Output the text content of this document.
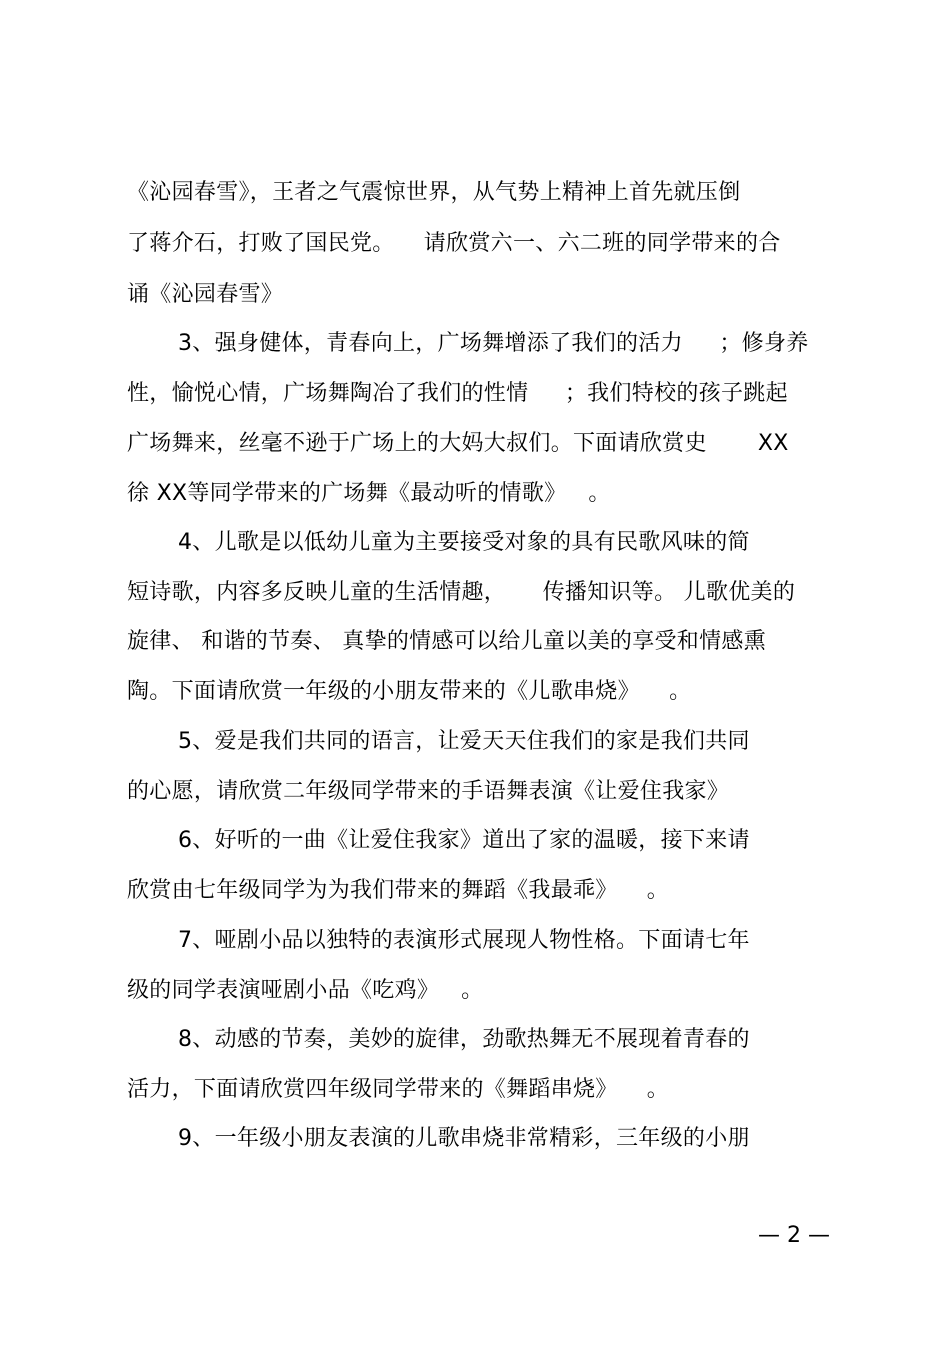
《沁园春雪》，王者之气震惊世界，从气势上精神上首先就压倒
了蒋介石，打败了国民党。    请欣赏六一、六二班的同学带来的合
诵《沁园春雪》
3、强身健体，青春向上，广场舞增添了我们的活力     ；修身养
性，愉悦心情，广场舞陶冶了我们的性情     ；我们特校的孩子跳起
广场舞来，丝毫不逊于广场上的大妈大叔们。下面请欣赏史       XX
徐 XX等同学带来的广场舞《最动听的情歌》   。
4、儿歌是以低幼儿童为主要接受对象的具有民歌风味的简
短诗歌，内容多反映儿童的生活情趣，     传播知识等。 儿歌优美的
旋律、 和谐的节奏、 真挚的情感可以给儿童以美的享受和情感熏
陶。下面请欣赏一年级的小朋友带来的《儿歌串烧》    。
5、爱是我们共同的语言，让爱天天住我们的家是我们共同
的心愿，请欣赏二年级同学带来的手语舞表演《让爱住我家》
6、好听的一曲《让爱住我家》道出了家的温暖，接下来请
欣赏由七年级同学为为我们带来的舞蹈《我最乖》    。
7、哑剧小品以独特的表演形式展现人物性格。下面请七年
级的同学表演哑剧小品《吃鸡》   。
8、动感的节奏，美妙的旋律，劲歌热舞无不展现着青春的
活力，下面请欣赏四年级同学带来的《舞蹈串烧》    。
9、一年级小朋友表演的儿歌串烧非常精彩，三年级的小朋
— 2 —
